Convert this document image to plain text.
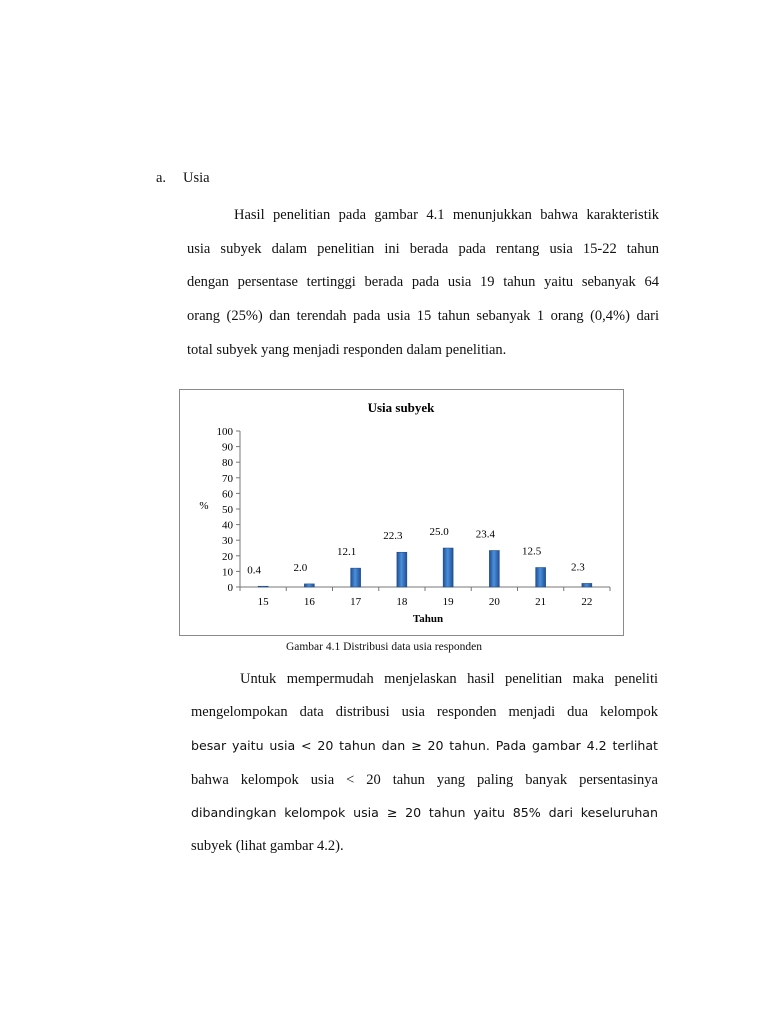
a. Usia

Hasil penelitian pada gambar 4.1 menunjukkan bahwa karakteristik

usia subyek dalam penelitian ini berada pada rentang usia 15-22 tahun

dengan persentase tertinggi berada pada usia 19 tahun yaitu sebanyak 64

orang (25%) dan terendah pada usia 15 tahun sebanyak 1 orang (0,4%) dari

total subyek yang menjadi responden dalam penelitian.

Usia subyek
%
Tahun
0
10
20
30
40
50
60
70
80
90
100
0.4	2.0
12.1
22.3 25.0 23.4
12.5
2.3
15	16	17	18	19	20	21	22
Gambar 4.1 Distribusi data usia responden

Untuk mempermudah menjelaskan hasil penelitian maka peneliti

mengelompokan data distribusi usia responden menjadi dua kelompok

besar yaitu usia < 20 tahun dan ≥ 20 tahun. Pada gambar 4.2 terlihat

bahwa kelompok usia < 20 tahun yang paling banyak persentasinya

dibandingkan kelompok usia ≥ 20 tahun yaitu 85% dari keseluruhan

subyek (lihat gambar 4.2).
